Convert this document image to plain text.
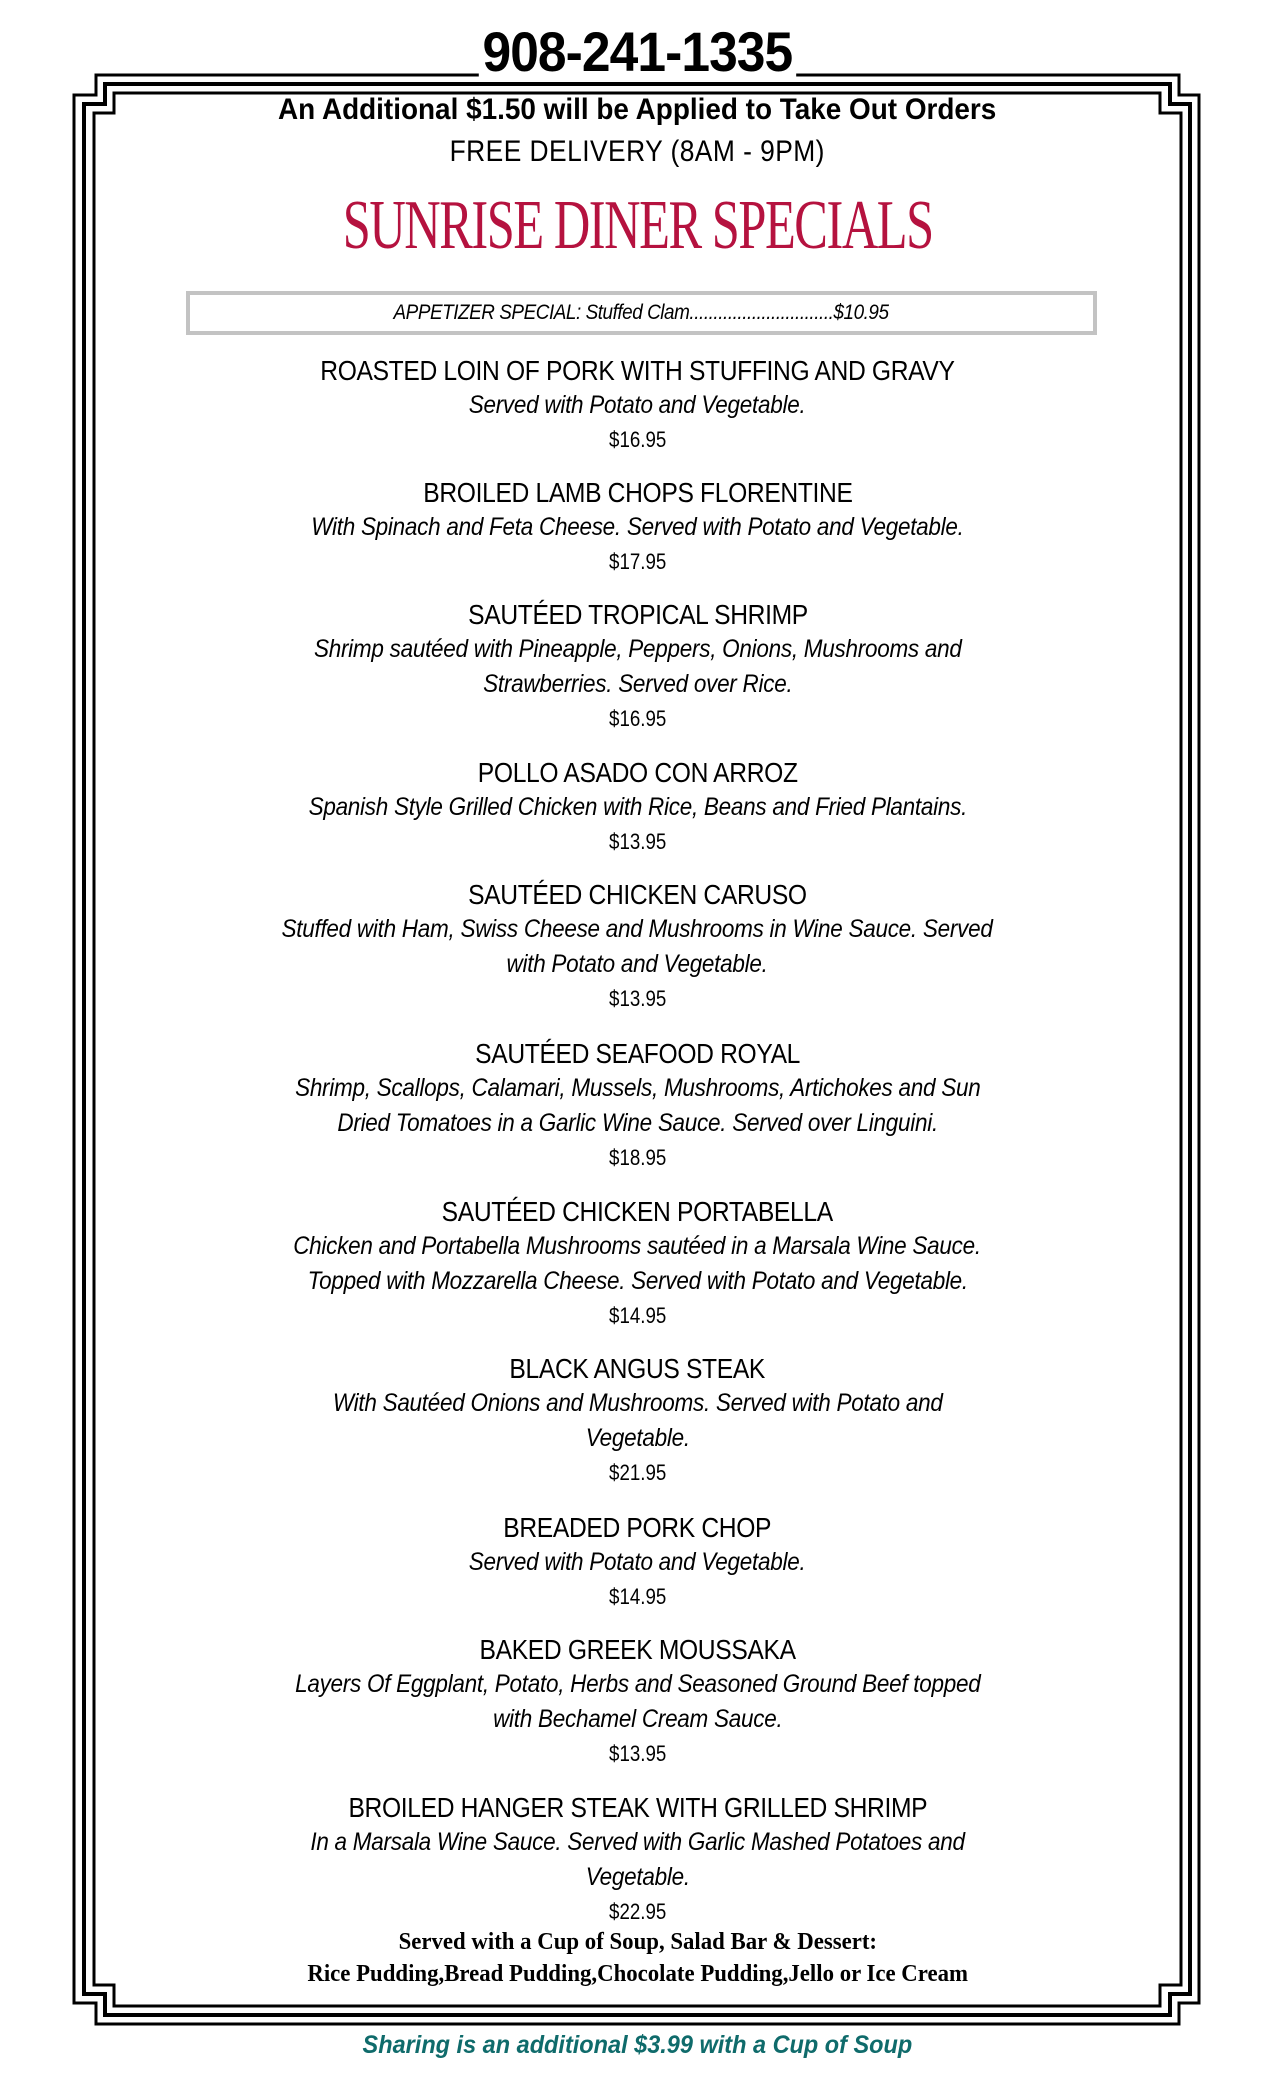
908-241-1335
An Additional $1.50 will be Applied to Take Out Orders
FREE DELIVERY (8AM - 9PM)
SUNRISE DINER SPECIALS
APPETIZER SPECIAL: Stuffed Clam..............................$10.95
ROASTED LOIN OF PORK WITH STUFFING AND GRAVY
Served with Potato and Vegetable.
$16.95
BROILED LAMB CHOPS FLORENTINE
With Spinach and Feta Cheese. Served with Potato and Vegetable.
$17.95
SAUTÉED TROPICAL SHRIMP
Shrimp sautéed with Pineapple, Peppers, Onions, Mushrooms and
Strawberries. Served over Rice.
$16.95
POLLO ASADO CON ARROZ
Spanish Style Grilled Chicken with Rice, Beans and Fried Plantains.
$13.95
SAUTÉED CHICKEN CARUSO
Stuffed with Ham, Swiss Cheese and Mushrooms in Wine Sauce. Served
with Potato and Vegetable.
$13.95
SAUTÉED SEAFOOD ROYAL
Shrimp, Scallops, Calamari, Mussels, Mushrooms, Artichokes and Sun
Dried Tomatoes in a Garlic Wine Sauce. Served over Linguini.
$18.95
SAUTÉED CHICKEN PORTABELLA
Chicken and Portabella Mushrooms sautéed in a Marsala Wine Sauce.
Topped with Mozzarella Cheese. Served with Potato and Vegetable.
$14.95
BLACK ANGUS STEAK
With Sautéed Onions and Mushrooms. Served with Potato and
Vegetable.
$21.95
BREADED PORK CHOP
Served with Potato and Vegetable.
$14.95
BAKED GREEK MOUSSAKA
Layers Of Eggplant, Potato, Herbs and Seasoned Ground Beef topped
with Bechamel Cream Sauce.
$13.95
BROILED HANGER STEAK WITH GRILLED SHRIMP
In a Marsala Wine Sauce. Served with Garlic Mashed Potatoes and
Vegetable.
$22.95
Served with a Cup of Soup, Salad Bar & Dessert:
Rice Pudding,Bread Pudding,Chocolate Pudding,Jello or Ice Cream
Sharing is an additional $3.99 with a Cup of Soup
